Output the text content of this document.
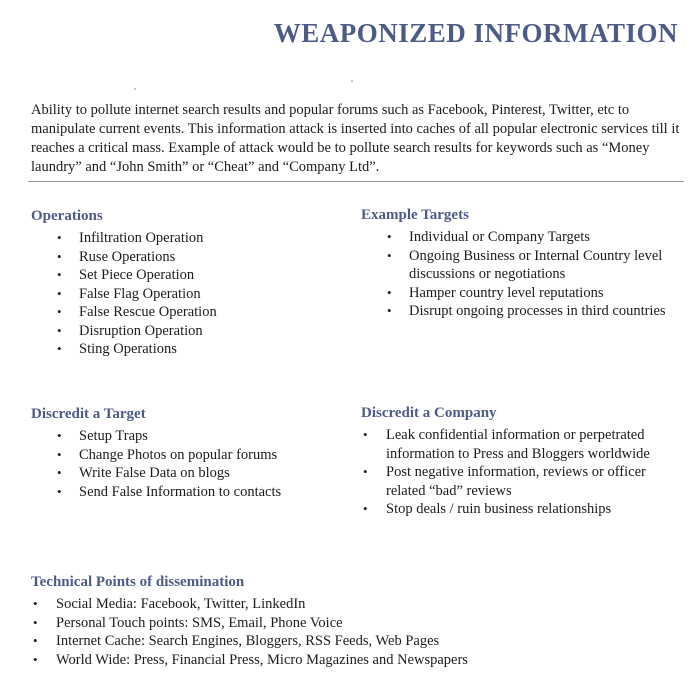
WEAPONIZED INFORMATION

Ability to pollute internet search results and popular forums such as Facebook, Pinterest, Twitter, etc to manipulate current events. This information attack is inserted into caches of all popular electronic services till it reaches a critical mass. Example of attack would be to pollute search results for keywords such as “Money laundry” and “John Smith” or “Cheat” and “Company Ltd”.

Operations
• Infiltration Operation
• Ruse Operations
• Set Piece Operation
• False Flag Operation
• False Rescue Operation
• Disruption Operation
• Sting Operations
Example Targets
• Individual or Company Targets
• Ongoing Business or Internal Country level discussions or negotiations
• Hamper country level reputations
• Disrupt ongoing processes in third countries
Discredit a Target
• Setup Traps
• Change Photos on popular forums
• Write False Data on blogs
• Send False Information to contacts
Discredit a Company
• Leak confidential information or perpetrated information to Press and Bloggers worldwide
• Post negative information, reviews or officer related “bad” reviews
• Stop deals / ruin business relationships
Technical Points of dissemination
• Social Media: Facebook, Twitter, LinkedIn
• Personal Touch points: SMS, Email, Phone Voice
• Internet Cache: Search Engines, Bloggers, RSS Feeds, Web Pages
• World Wide: Press, Financial Press, Micro Magazines and Newspapers
